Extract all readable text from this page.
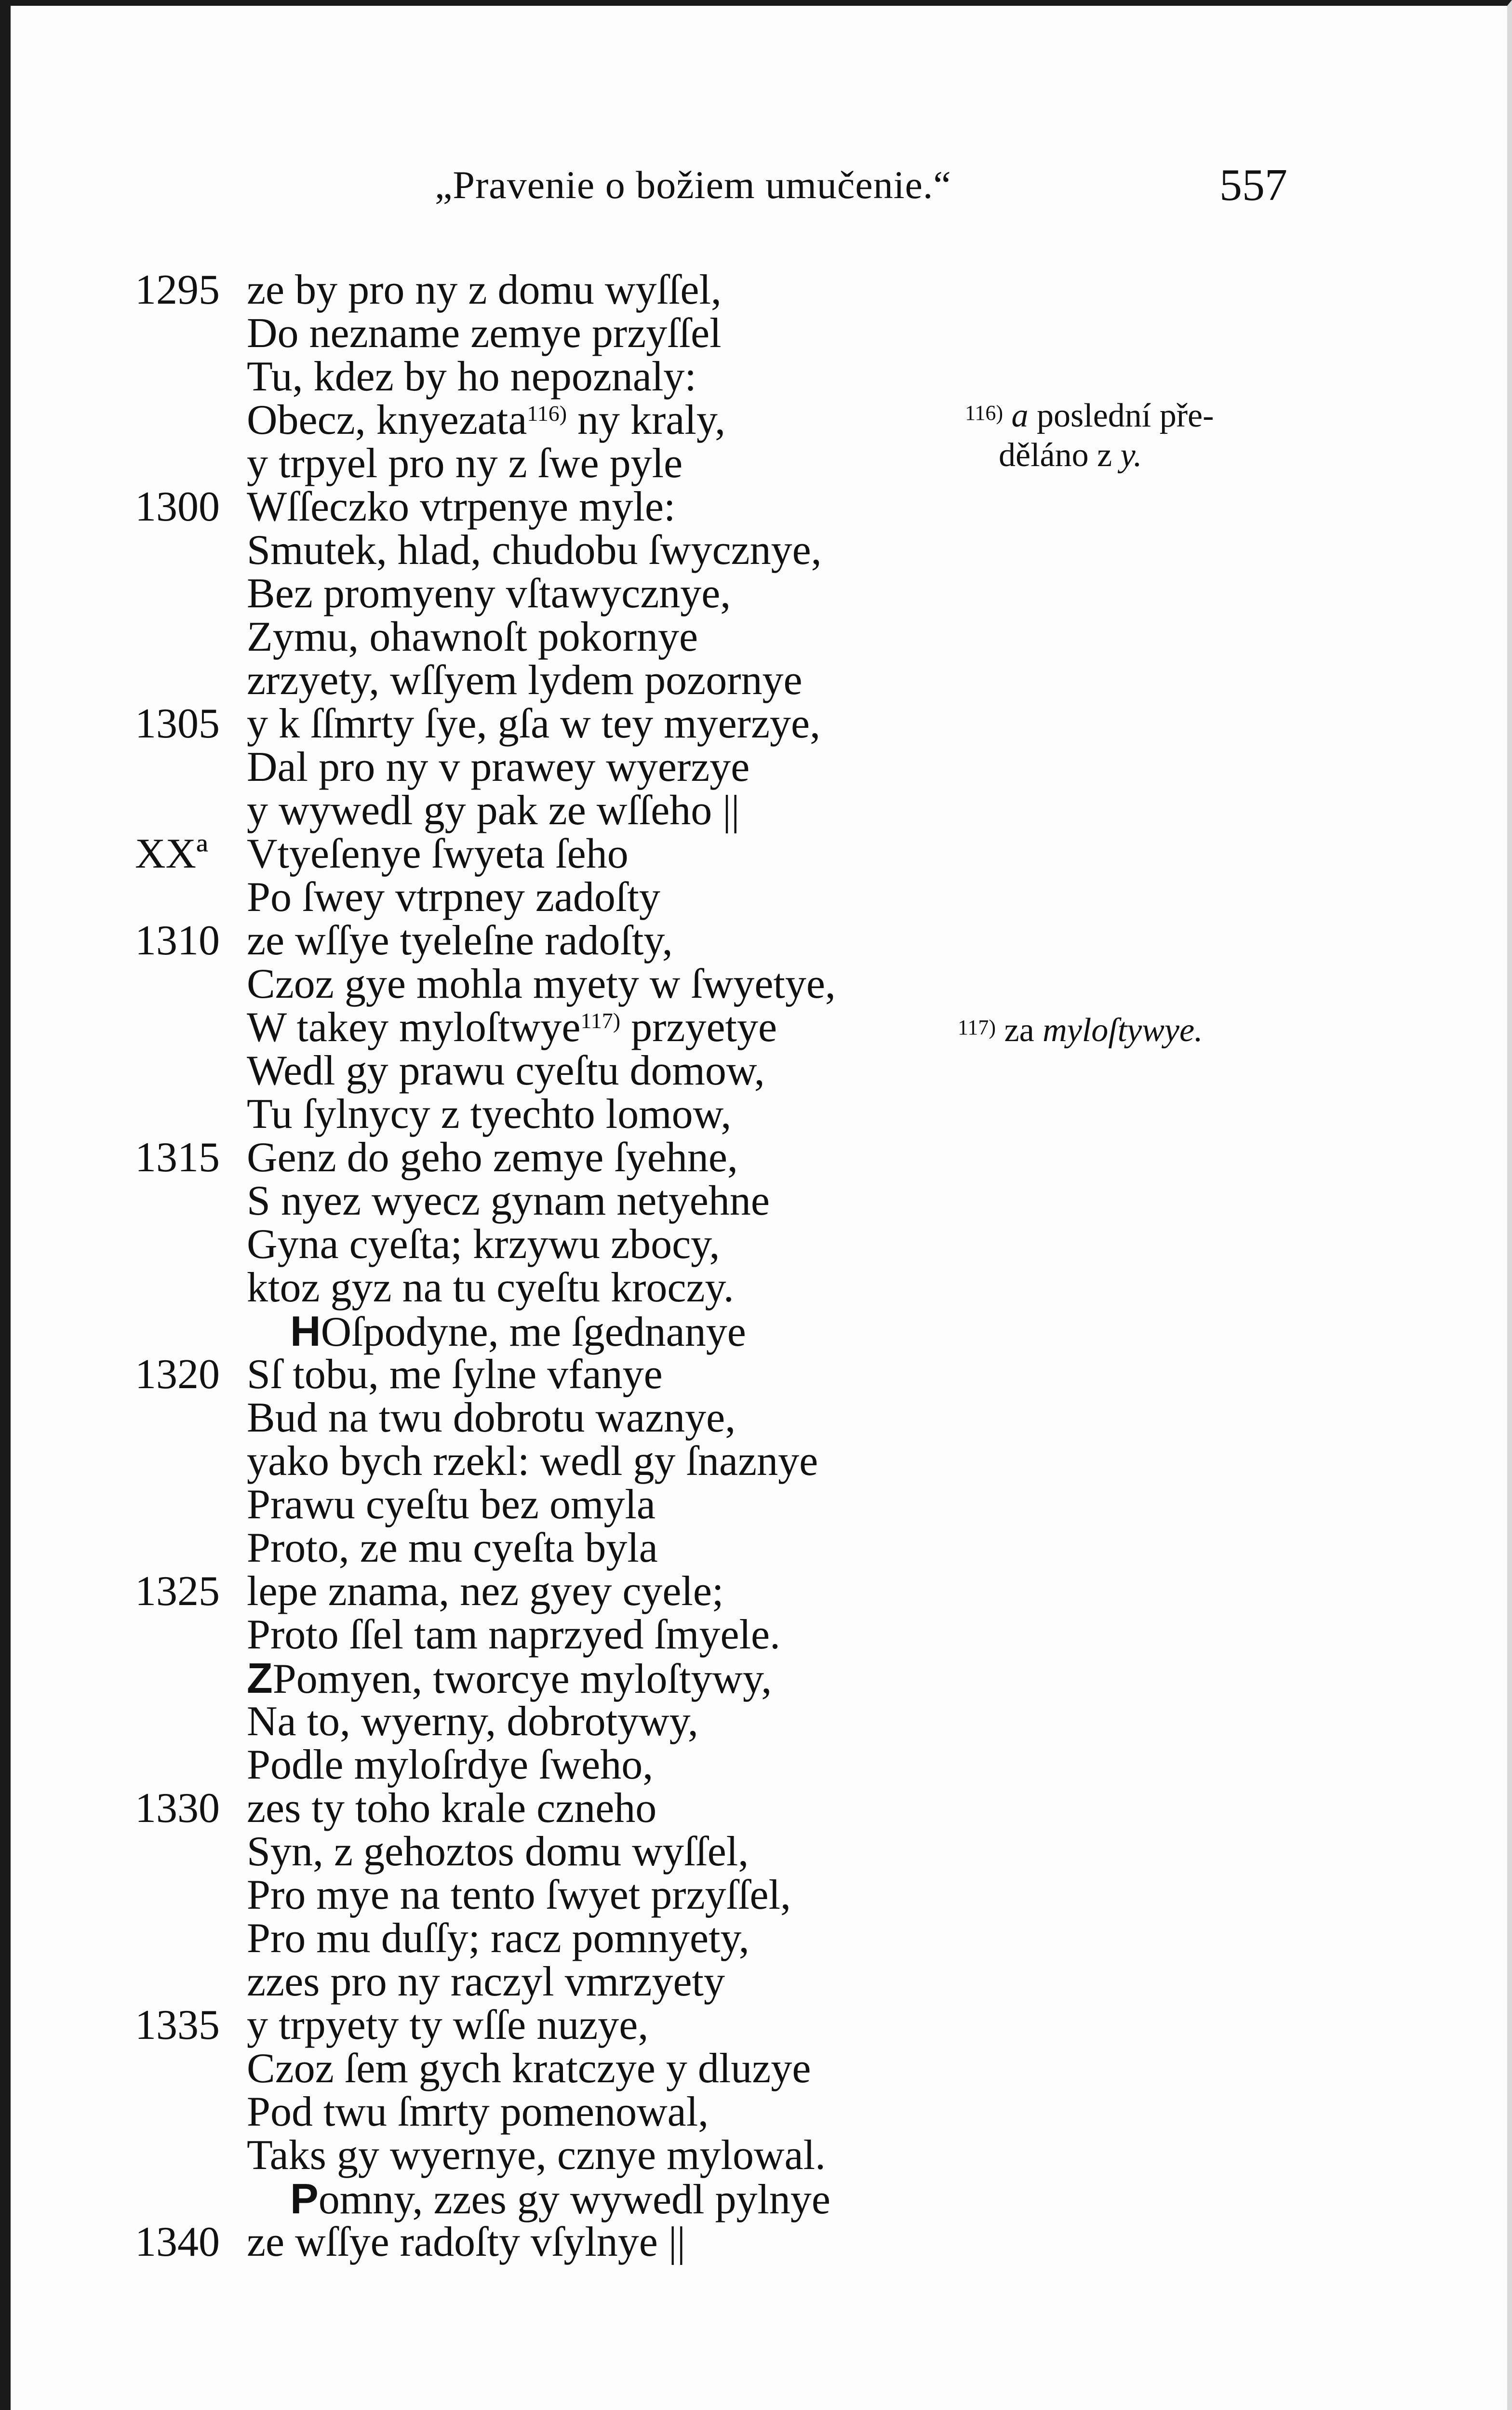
„Pravenie o božiem umučenie.“	557
1295 ze by pro ny z domu wyſſel,
Do nezname zemye przyſſel
Tu, kdez by ho nepoznaly:
Obecz, knyezata$^{116)}$ ny kraly,
y trpyel pro ny z ſwe pyle
1300 Wſſeczko vtrpenye myle:
Smutek, hlad, chudobu ſwycznye,
Bez promyeny vſtawycznye,
Zymu, ohawnoſt pokornye
zrzyety, wſſyem lydem pozornye
1305 y k ſſmrty ſye, gſa w tey myerzye,
Dal pro ny v prawey wyerzye
y wywedl gy pak ze wſſeho ||
XXª Vtyeſenye ſwyeta ſeho
Po ſwey vtrpney zadoſty
1310 ze wſſye tyeleſne radoſty,
Czoz gye mohla myety w ſwyetye,
W takey myloſtwye$^{117)}$ przyetye
Wedl gy prawu cyeſtu domow,
Tu ſylnycy z tyechto lomow,
1315 Genz do geho zemye ſyehne,
S nyez wyecz gynam netyehne
Gyna cyeſta; krzywu zbocy,
ktoz gyz na tu cyeſtu kroczy.
HOſpodyne, me ſgednanye
1320 Sſ tobu, me ſylne vfanye
Bud na twu dobrotu waznye,
yako bych rzekl: wedl gy ſnaznye
Prawu cyeſtu bez omyla
Proto, ze mu cyeſta byla
1325 lepe znama, nez gyey cyele;
Proto ſſel tam naprzyed ſmyele.
ZPomyen, tworcye myloſtywy,
Na to, wyerny, dobrotywy,
Podle myloſrdye ſweho,
1330 zes ty toho krale czneho
Syn, z gehoztos domu wyſſel,
Pro mye na tento ſwyet przyſſel,
Pro mu duſſy; racz pomnyety,
zzes pro ny raczyl vmrzyety
1335 y trpyety ty wſſe nuzye,
Czoz ſem gych kratczye y dluzye
Pod twu ſmrty pomenowal,
Taks gy wyernye, cznye mylowal.
Pomny, zzes gy wywedl pylnye
1340 ze wſſye radoſty vſylnye ||
$^{116)}$ a poslední pře-
děláno z y.
$^{117)}$ za myloſtywye.
